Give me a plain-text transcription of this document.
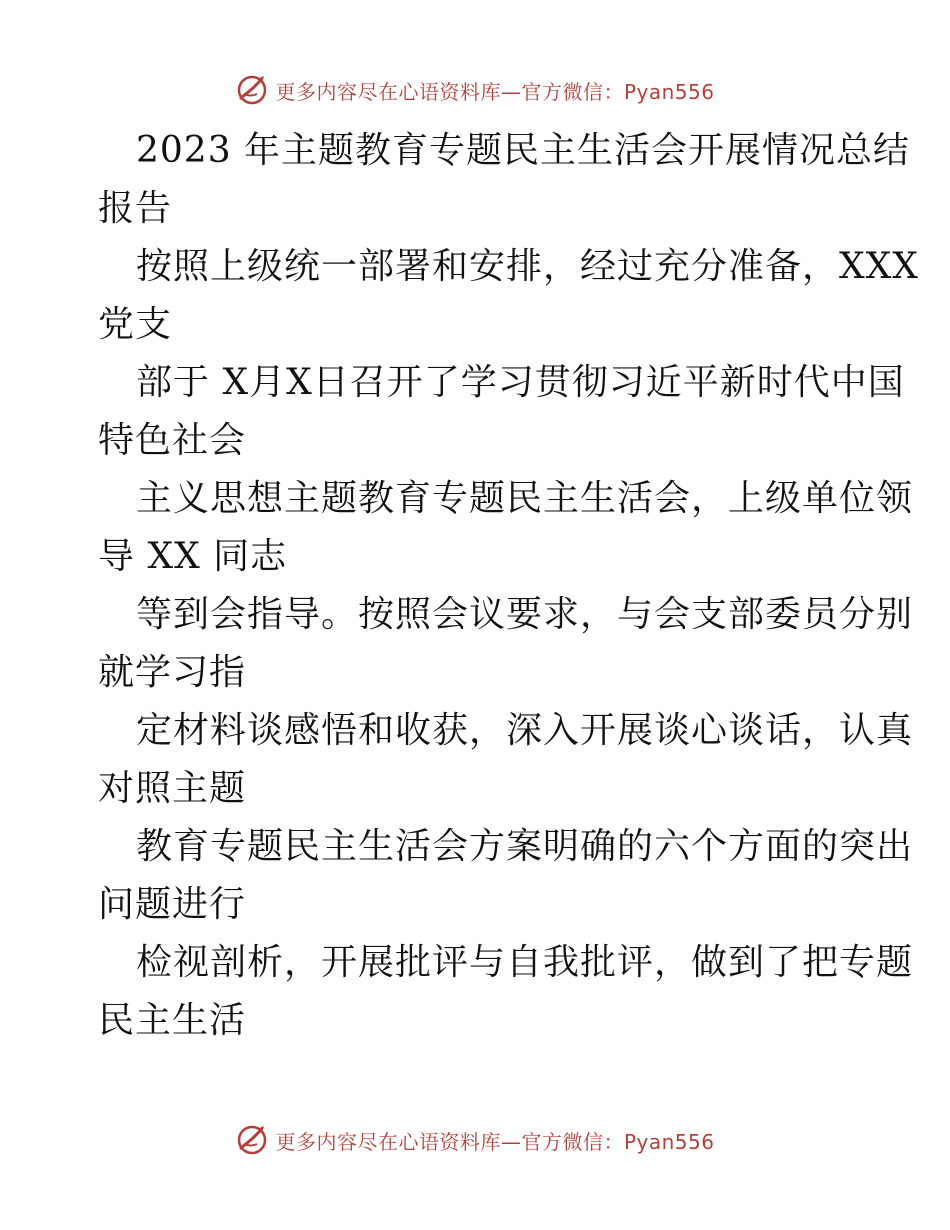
更多内容尽在心语资料库—官方微信：Pyan556
2023 年主题教育专题民主生活会开展情况总结
报告
按照上级统一部署和安排，经过充分准备，XXX
党支
部于 X月X日召开了学习贯彻习近平新时代中国
特色社会
主义思想主题教育专题民主生活会，上级单位领
导 XX 同志
等到会指导。按照会议要求，与会支部委员分别
就学习指
定材料谈感悟和收获，深入开展谈心谈话，认真
对照主题
教育专题民主生活会方案明确的六个方面的突出
问题进行
检视剖析，开展批评与自我批评，做到了把专题
民主生活
更多内容尽在心语资料库—官方微信：Pyan556
